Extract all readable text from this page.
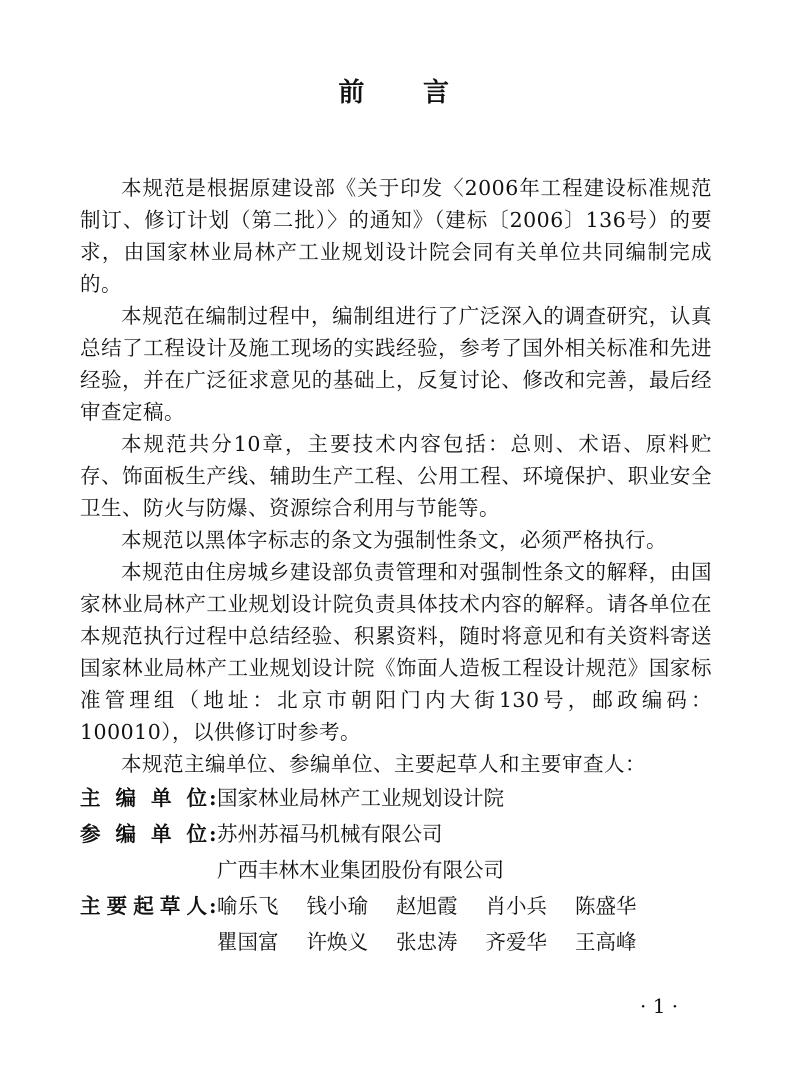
前 言

本规范是根据原建设部《关于印发〈2006年工程建设标准规范制订、修订计划（第二批）〉的通知》（建标〔2006〕136号）的要求，由国家林业局林产工业规划设计院会同有关单位共同编制完成的。

本规范在编制过程中，编制组进行了广泛深入的调查研究，认真总结了工程设计及施工现场的实践经验，参考了国外相关标准和先进经验，并在广泛征求意见的基础上，反复讨论、修改和完善，最后经审查定稿。

本规范共分10章，主要技术内容包括：总则、术语、原料贮存、饰面板生产线、辅助生产工程、公用工程、环境保护、职业安全卫生、防火与防爆、资源综合利用与节能等。

本规范以黑体字标志的条文为强制性条文，必须严格执行。

本规范由住房城乡建设部负责管理和对强制性条文的解释，由国家林业局林产工业规划设计院负责具体技术内容的解释。请各单位在本规范执行过程中总结经验、积累资料，随时将意见和有关资料寄送国家林业局林产工业规划设计院《饰面人造板工程设计规范》国家标准管理组（地址：北京市朝阳门内大街130号，邮政编码：100010），以供修订时参考。

本规范主编单位、参编单位、主要起草人和主要审查人：

主编单位 : 国家林业局林产工业规划设计院
参编单位 : 苏州苏福马机械有限公司
广西丰林木业集团股份有限公司
主要起草人 : 喻乐飞 钱小瑜 赵旭霞 肖小兵 陈盛华
瞿国富 许焕义 张忠涛 齐爱华 王高峰
· 1 ·
